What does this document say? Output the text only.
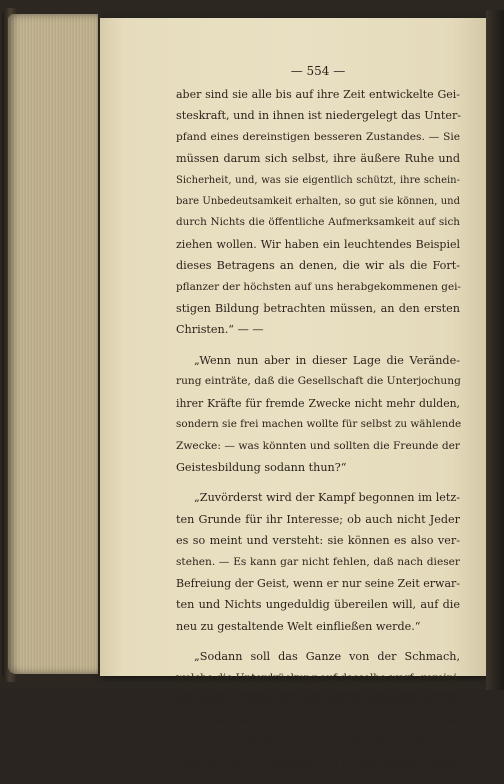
— 554 —
aber sind sie alle bis auf ihre Zeit entwickelte Gei-
steskraft, und in ihnen ist niedergelegt das Unter-
pfand eines dereinstigen besseren Zustandes. — Sie
müssen darum sich selbst, ihre äußere Ruhe und
Sicherheit, und, was sie eigentlich schützt, ihre schein-
bare Unbedeutsamkeit erhalten, so gut sie können, und
durch Nichts die öffentliche Aufmerksamkeit auf sich
ziehen wollen. Wir haben ein leuchtendes Beispiel
dieses Betragens an denen, die wir als die Fort-
pflanzer der höchsten auf uns herabgekommenen gei-
stigen Bildung betrachten müssen, an den ersten
Christen.“ — —
„Wenn nun aber in dieser Lage die Verände-
rung einträte, daß die Gesellschaft die Unterjochung
ihrer Kräfte für fremde Zwecke nicht mehr dulden,
sondern sie frei machen wollte für selbst zu wählende
Zwecke: — was könnten und sollten die Freunde der
Geistesbildung sodann thun?“
„Zuvörderst wird der Kampf begonnen im letz-
ten Grunde für ihr Interesse; ob auch nicht Jeder
es so meint und versteht: sie können es also ver-
stehen. — Es kann gar nicht fehlen, daß nach dieser
Befreiung der Geist, wenn er nur seine Zeit erwar-
ten und Nichts ungeduldig übereilen will, auf die
neu zu gestaltende Welt einfließen werde.“
„Sodann soll das Ganze von der Schmach,
welche die Unterdrückung auf dasselbe warf, gereini-
get werden. Diese ist auch auf sie mitgefallen; frei-
lich unverdient, ja zu ihrer Ehre, weil sie um höhe-
rer Zwecke willen frei und entschlossen duldeten. —
Jetzt möchte es scheinen, als ob der, welcher nicht
